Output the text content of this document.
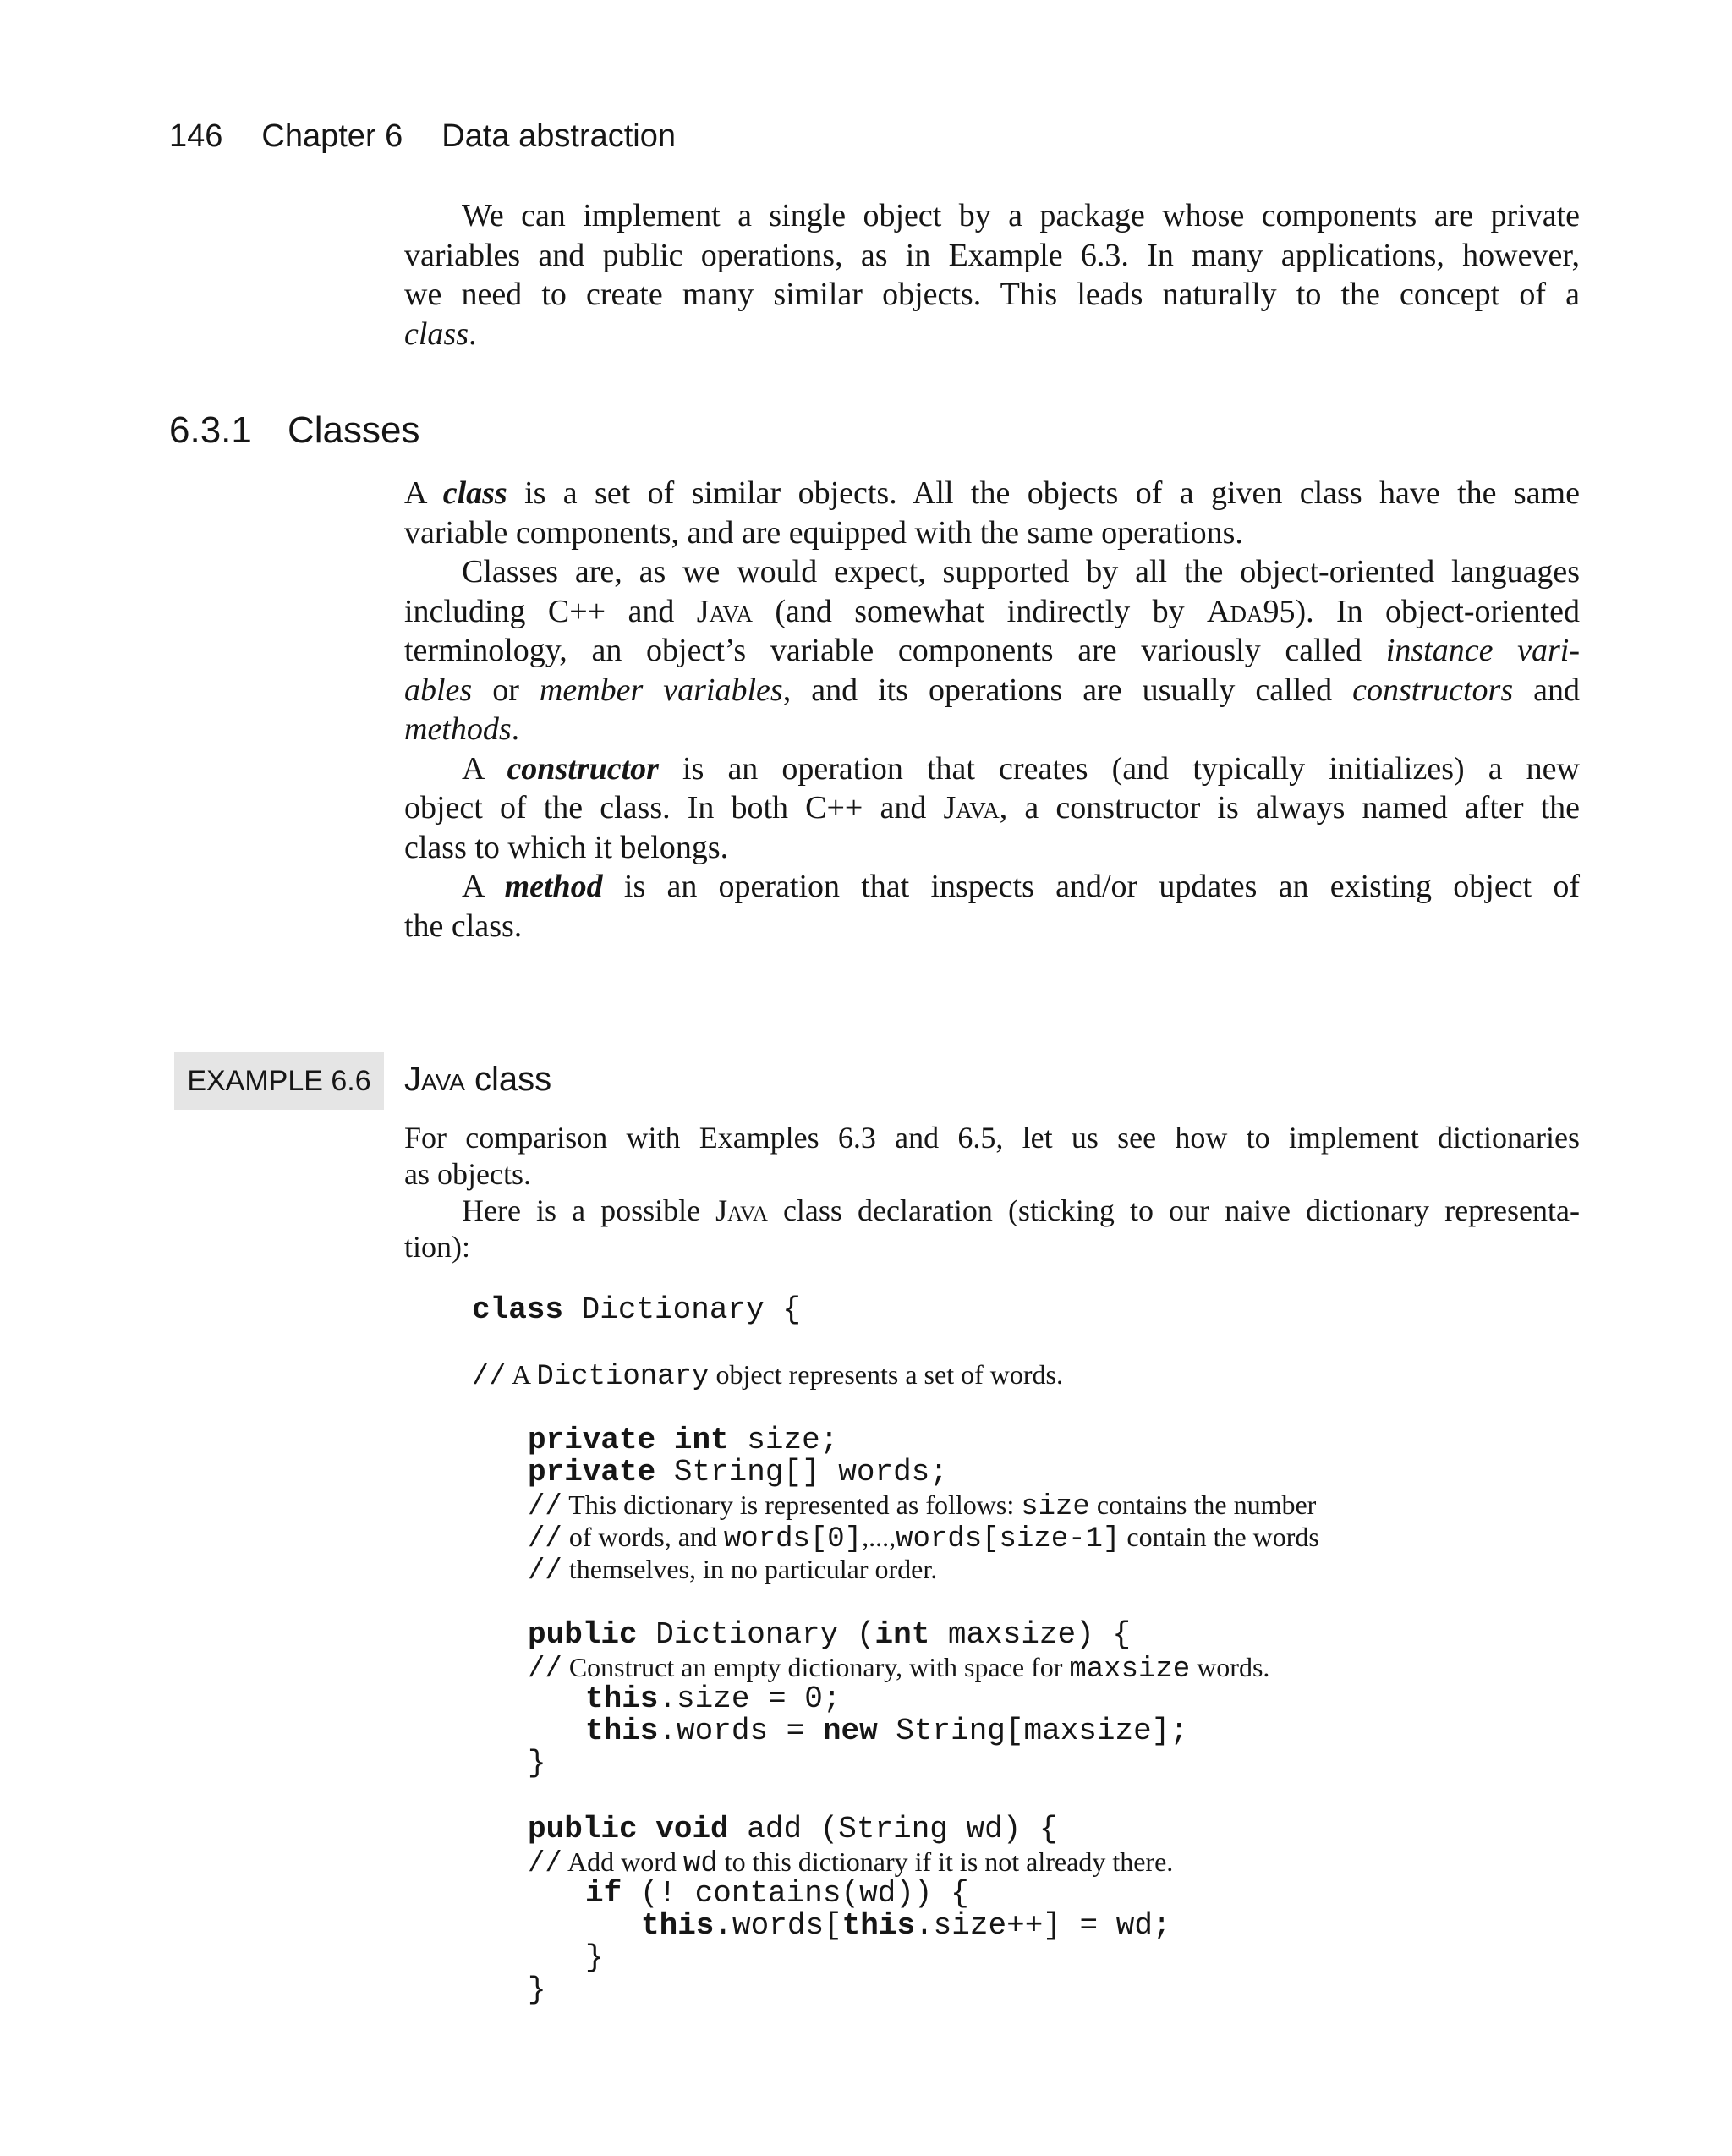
146 Chapter 6 Data abstraction
We can implement a single object by a package whose components are private
variables and public operations, as in Example 6.3. In many applications, however,
we need to create many similar objects. This leads naturally to the concept of a
class.
6.3.1 Classes
A class is a set of similar objects. All the objects of a given class have the same
variable components, and are equipped with the same operations.
Classes are, as we would expect, supported by all the object-oriented languages
including C++ and Java (and somewhat indirectly by Ada95). In object-oriented
terminology, an object’s variable components are variously called instance vari-
ables or member variables, and its operations are usually called constructors and
methods.
A constructor is an operation that creates (and typically initializes) a new
object of the class. In both C++ and Java, a constructor is always named after the
class to which it belongs.
A method is an operation that inspects and/or updates an existing object of
the class.
EXAMPLE 6.6 Java class
For comparison with Examples 6.3 and 6.5, let us see how to implement dictionaries
as objects.
Here is a possible Java class declaration (sticking to our naive dictionary representa-
tion):
class Dictionary {
// A Dictionary object represents a set of words.
private int size;
private String[] words;
// This dictionary is represented as follows: size contains the number
// of words, and words[0],...,words[size-1] contain the words
// themselves, in no particular order.
public Dictionary (int maxsize) {
// Construct an empty dictionary, with space for maxsize words.
this.size = 0;
this.words = new String[maxsize];
}
public void add (String wd) {
// Add word wd to this dictionary if it is not already there.
if (! contains(wd)) {
this.words[this.size++] = wd;
}
}
